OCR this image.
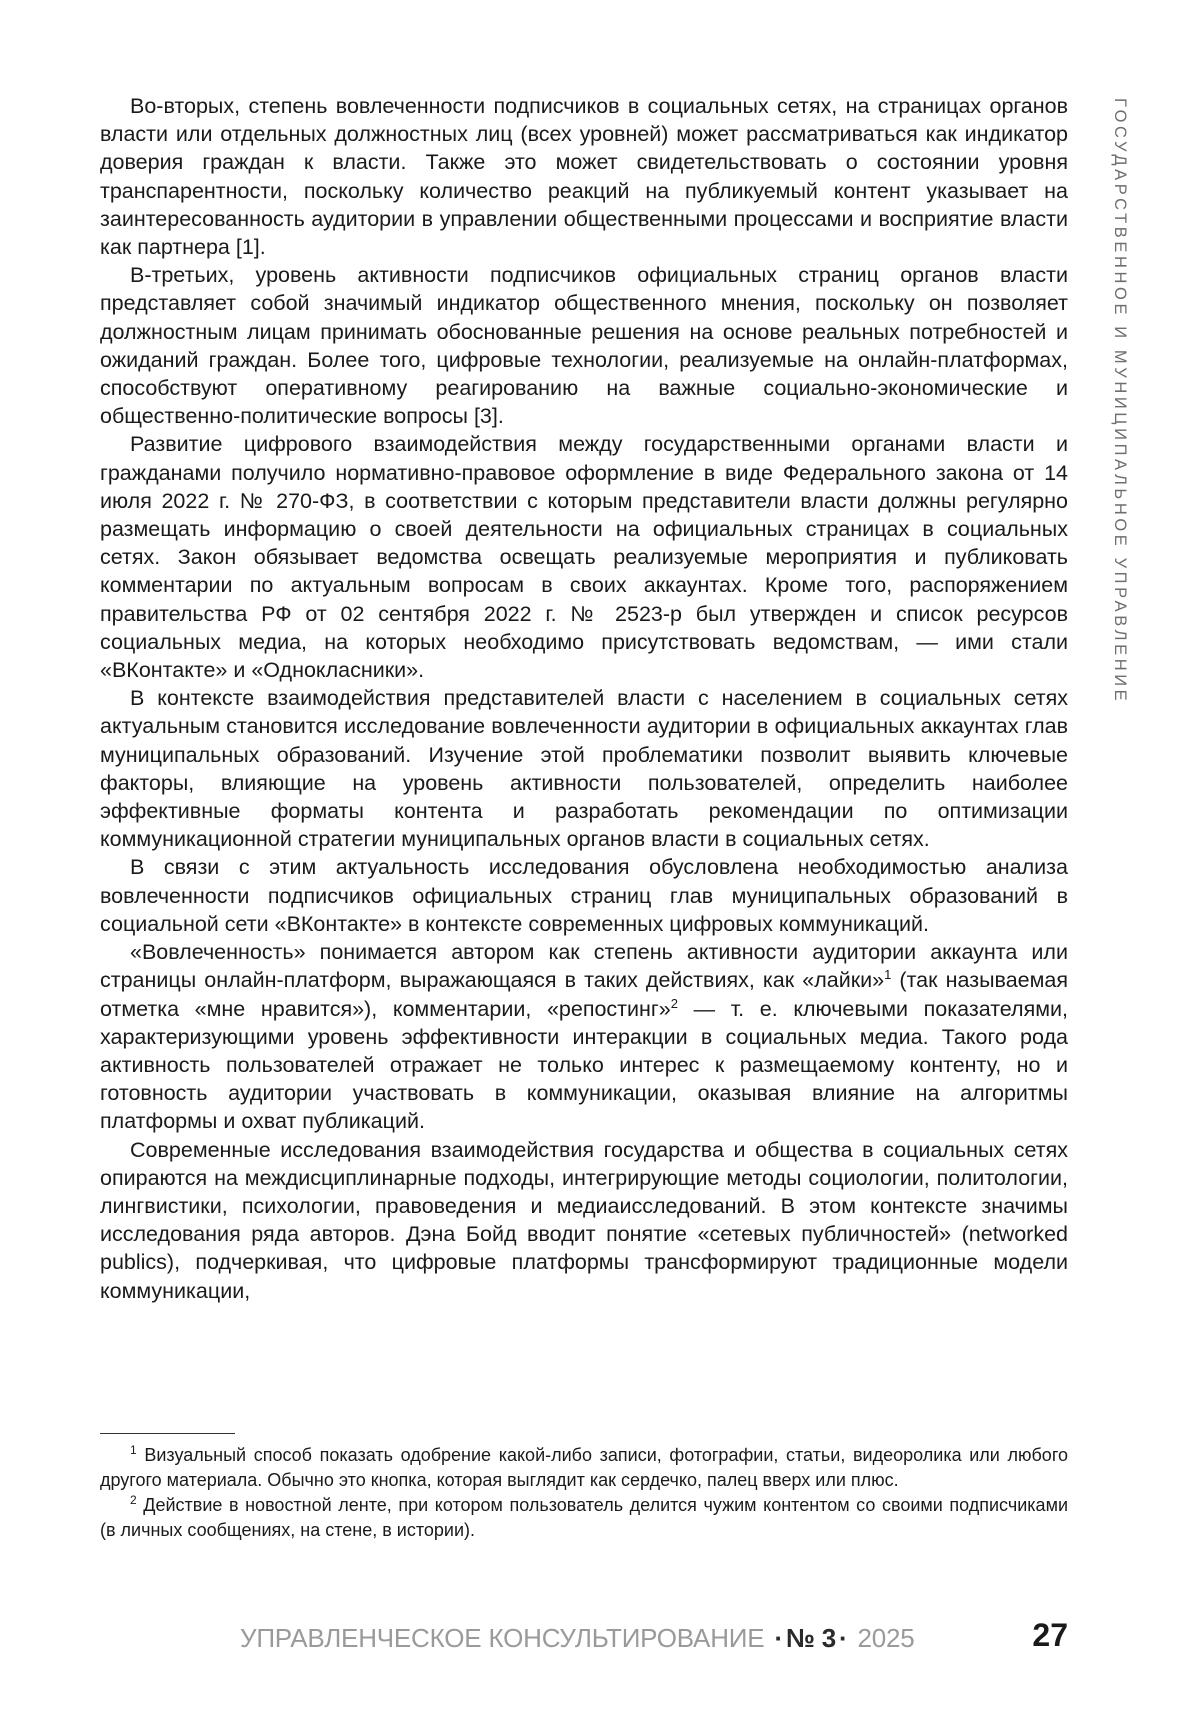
ГОСУДАРСТВЕННОЕ И МУНИЦИПАЛЬНОЕ УПРАВЛЕНИЕ

Во-вторых, степень вовлеченности подписчиков в социальных сетях, на страни­цах органов власти или отдельных должностных лиц (всех уровней) может рас­сматриваться как индикатор доверия граждан к власти. Также это может свиде­тельствовать о состоянии уровня транспарентности, поскольку количество реакций на публикуемый контент указывает на заинтересованность аудитории в управлении общественными процессами и восприятие власти как партнера [1].

В-третьих, уровень активности подписчиков официальных страниц органов вла­сти представляет собой значимый индикатор общественного мнения, поскольку он позволяет должностным лицам принимать обоснованные решения на основе ре­альных потребностей и ожиданий граждан. Более того, цифровые технологии, реализуемые на онлайн-платформах, способствуют оперативному реагированию на важные социально-экономические и общественно-политические вопросы [3].

Развитие цифрового взаимодействия между государственными органами власти и гражданами получило нормативно-правовое оформление в виде Федерального закона от 14 июля 2022 г. № 270-ФЗ, в соответствии с которым представители власти должны регулярно размещать информацию о своей деятельности на офи­циальных страницах в социальных сетях. Закон обязывает ведомства освещать реализуемые мероприятия и публиковать комментарии по актуальным вопросам в своих аккаунтах. Кроме того, распоряжением правительства РФ от 02 сентября 2022 г. № 2523-р был утвержден и список ресурсов социальных медиа, на которых необходимо присутствовать ведомствам, — ими стали «ВКонтакте» и «Однокла­сники».

В контексте взаимодействия представителей власти с населением в социальных сетях актуальным становится исследование вовлеченности аудитории в официаль­ных аккаунтах глав муниципальных образований. Изучение этой проблематики позволит выявить ключевые факторы, влияющие на уровень активности пользова­телей, определить наиболее эффективные форматы контента и разработать реко­мендации по оптимизации коммуникационной стратегии муниципальных органов власти в социальных сетях.

В связи с этим актуальность исследования обусловлена необходимостью ана­лиза вовлеченности подписчиков официальных страниц глав муниципальных об­разований в социальной сети «ВКонтакте» в контексте современных цифровых коммуникаций.

«Вовлеченность» понимается автором как степень активности аудитории аккаунта или страницы онлайн-платформ, выражающаяся в таких действиях, как «лайки»1 (так называемая отметка «мне нравится»), комментарии, «репостинг»2 — т. е. ключевыми показателями, характеризующими уровень эффективности интеракции в социальных медиа. Такого рода активность пользователей отражает не только интерес к раз­мещаемому контенту, но и готовность аудитории участвовать в коммуникации, ока­зывая влияние на алгоритмы платформы и охват публикаций.

Современные исследования взаимодействия государства и общества в со­циальных сетях опираются на междисциплинарные подходы, интегрирующие методы социологии, политологии, лингвистики, психологии, правоведения и ме­диаисследований. В этом контексте значимы исследования ряда авторов. Дэна Бойд вводит понятие «сетевых публичностей» (networked publics), подчеркивая, что цифровые платформы трансформируют традиционные модели коммуникации,

1 Визуальный способ показать одобрение какой-либо записи, фотографии, статьи, видео­ролика или любого другого материала. Обычно это кнопка, которая выглядит как сердечко, палец вверх или плюс.

2 Действие в новостной ленте, при котором пользователь делится чужим контентом со своими подписчиками (в личных сообщениях, на стене, в истории).

УПРАВЛЕНЧЕСКОЕ КОНСУЛЬТИРОВАНИЕ · № 3 · 2025	27
